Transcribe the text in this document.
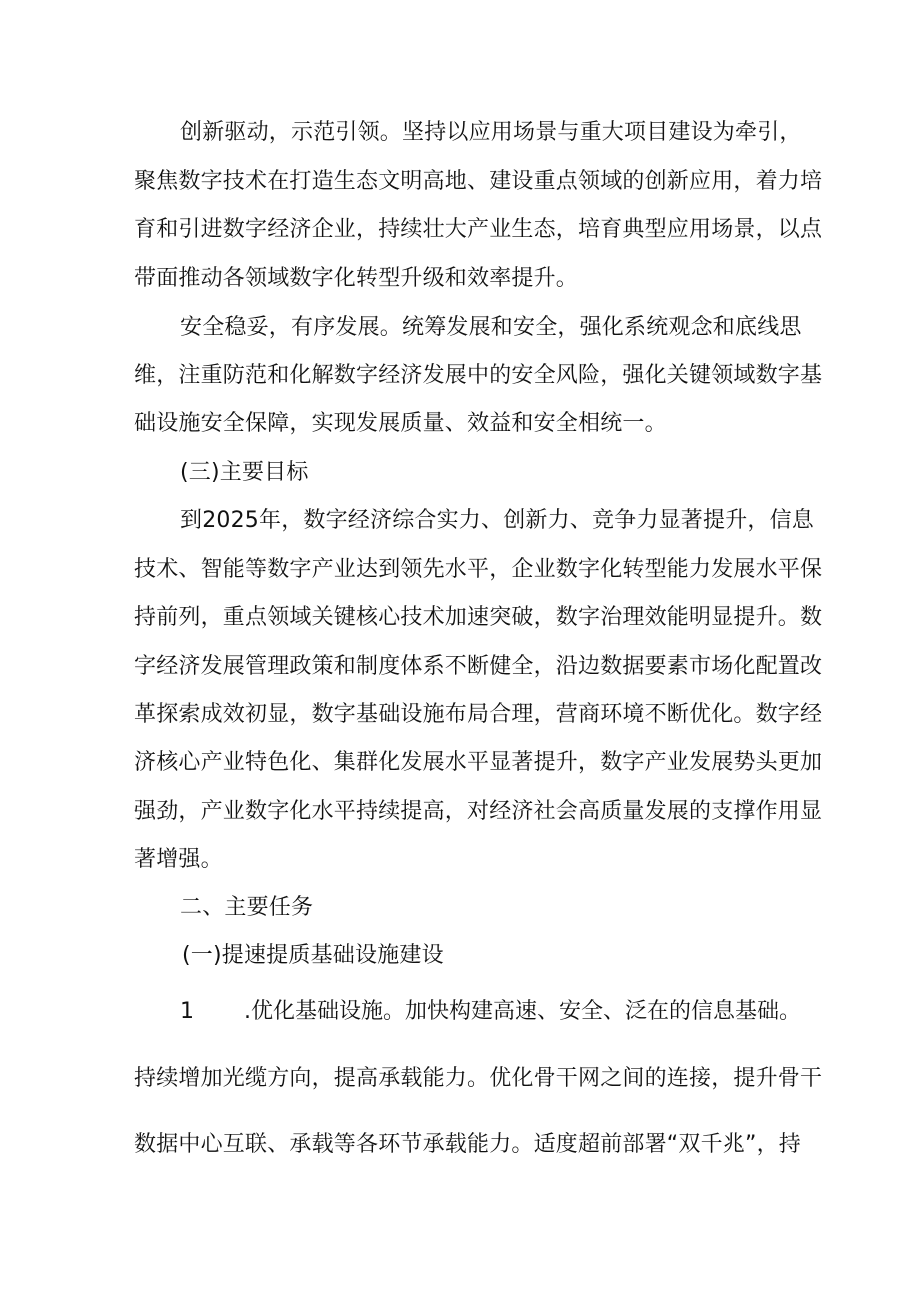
创新驱动，示范引领。坚持以应用场景与重大项目建设为牵引，
聚焦数字技术在打造生态文明高地、建设重点领域的创新应用，着力培
育和引进数字经济企业，持续壮大产业生态，培育典型应用场景，以点
带面推动各领域数字化转型升级和效率提升。
安全稳妥，有序发展。统筹发展和安全，强化系统观念和底线思
维，注重防范和化解数字经济发展中的安全风险，强化关键领域数字基
础设施安全保障，实现发展质量、效益和安全相统一。
(三)主要目标
到2025年，数字经济综合实力、创新力、竞争力显著提升，信息
技术、智能等数字产业达到领先水平，企业数字化转型能力发展水平保
持前列，重点领域关键核心技术加速突破，数字治理效能明显提升。数
字经济发展管理政策和制度体系不断健全，沿边数据要素市场化配置改
革探索成效初显，数字基础设施布局合理，营商环境不断优化。数字经
济核心产业特色化、集群化发展水平显著提升，数字产业发展势头更加
强劲，产业数字化水平持续提高，对经济社会高质量发展的支撑作用显
著增强。
二、主要任务
(一)提速提质基础设施建设
1 .优化基础设施。加快构建高速、安全、泛在的信息基础。
持续增加光缆方向，提高承载能力。优化骨干网之间的连接，提升骨干
数据中心互联、承载等各环节承载能力。适度超前部署“双千兆”，持
